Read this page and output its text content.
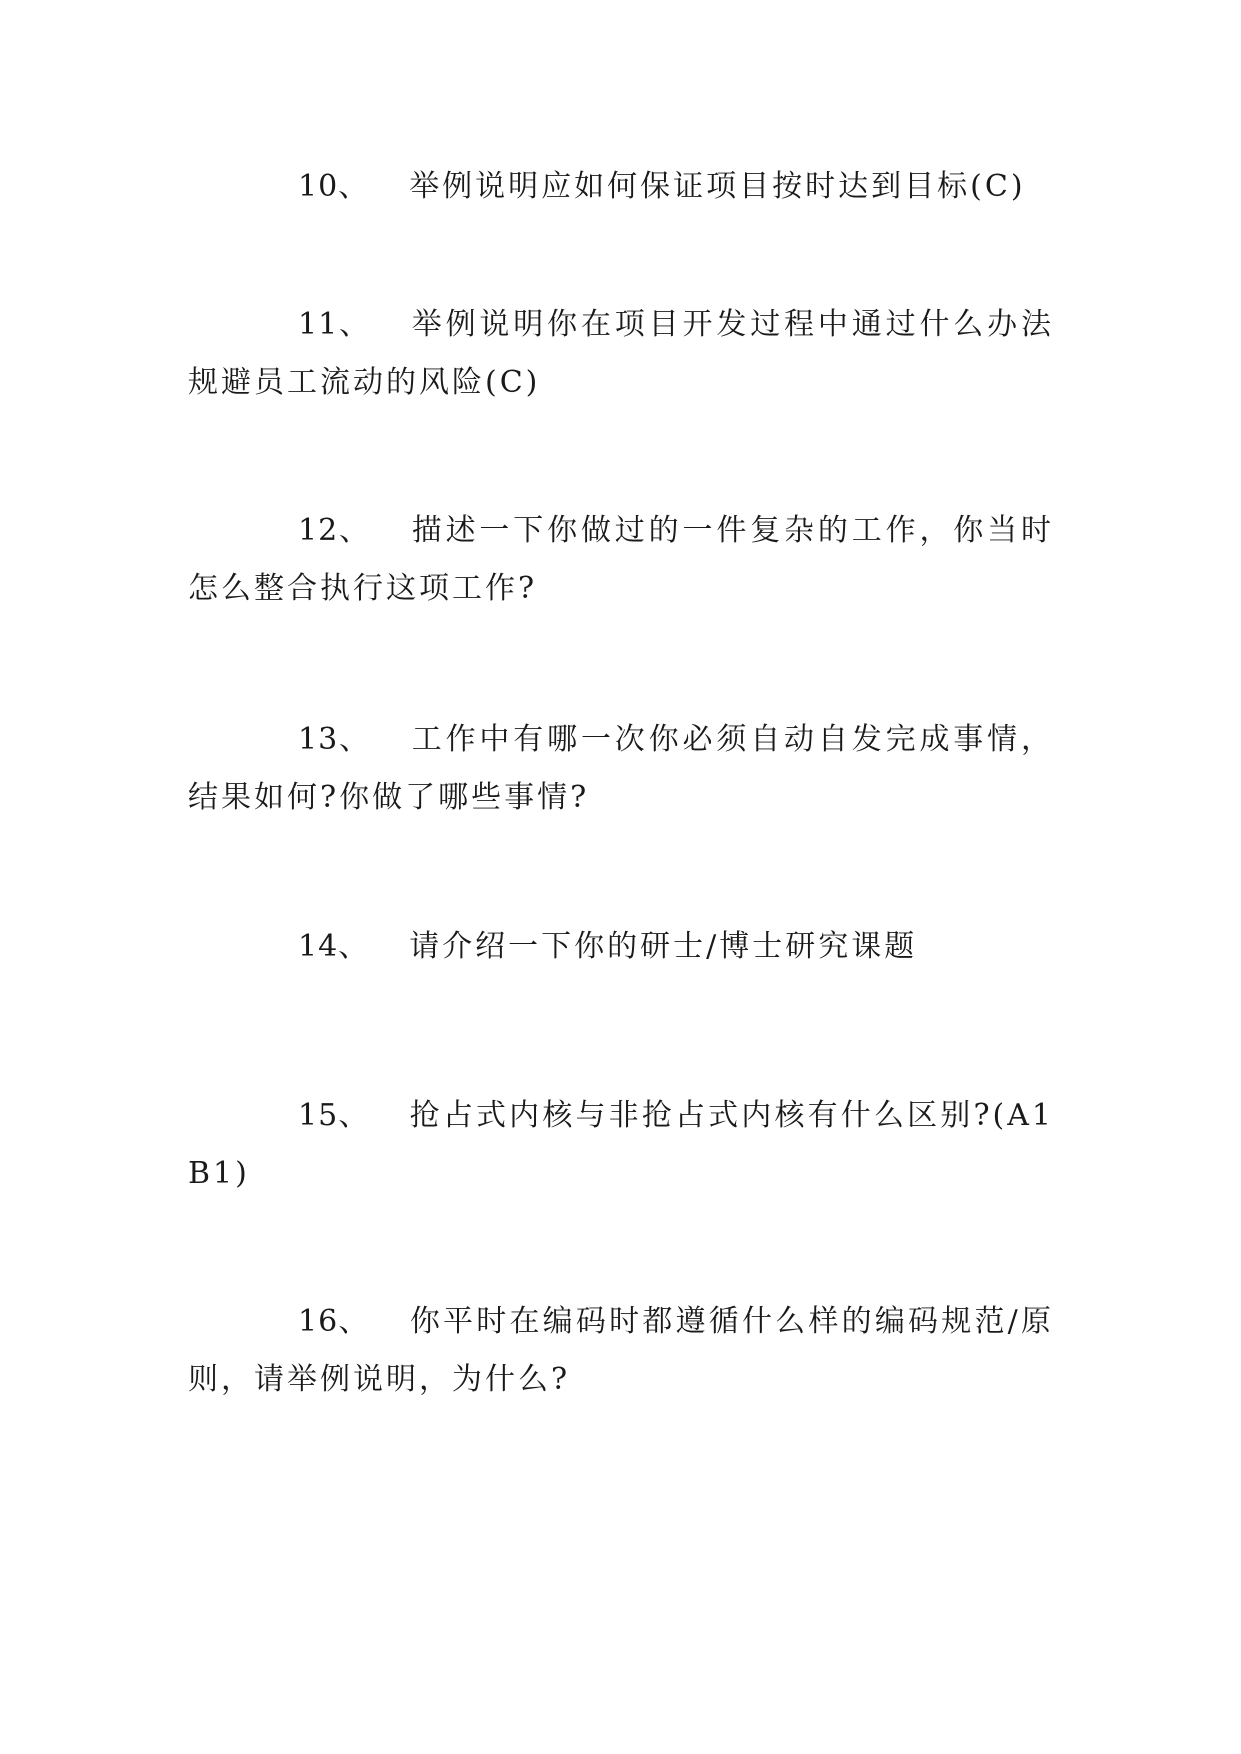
10、 举例说明应如何保证项目按时达到目标(C)

11、 举例说明你在项目开发过程中通过什么办法规避员工流动的风险(C)

12、 描述一下你做过的一件复杂的工作，你当时怎么整合执行这项工作?

13、 工作中有哪一次你必须自动自发完成事情，结果如何?你做了哪些事情?

14、 请介绍一下你的研士/博士研究课题

15、 抢占式内核与非抢占式内核有什么区别?(A1 B1)

16、 你平时在编码时都遵循什么样的编码规范/原则，请举例说明，为什么?
